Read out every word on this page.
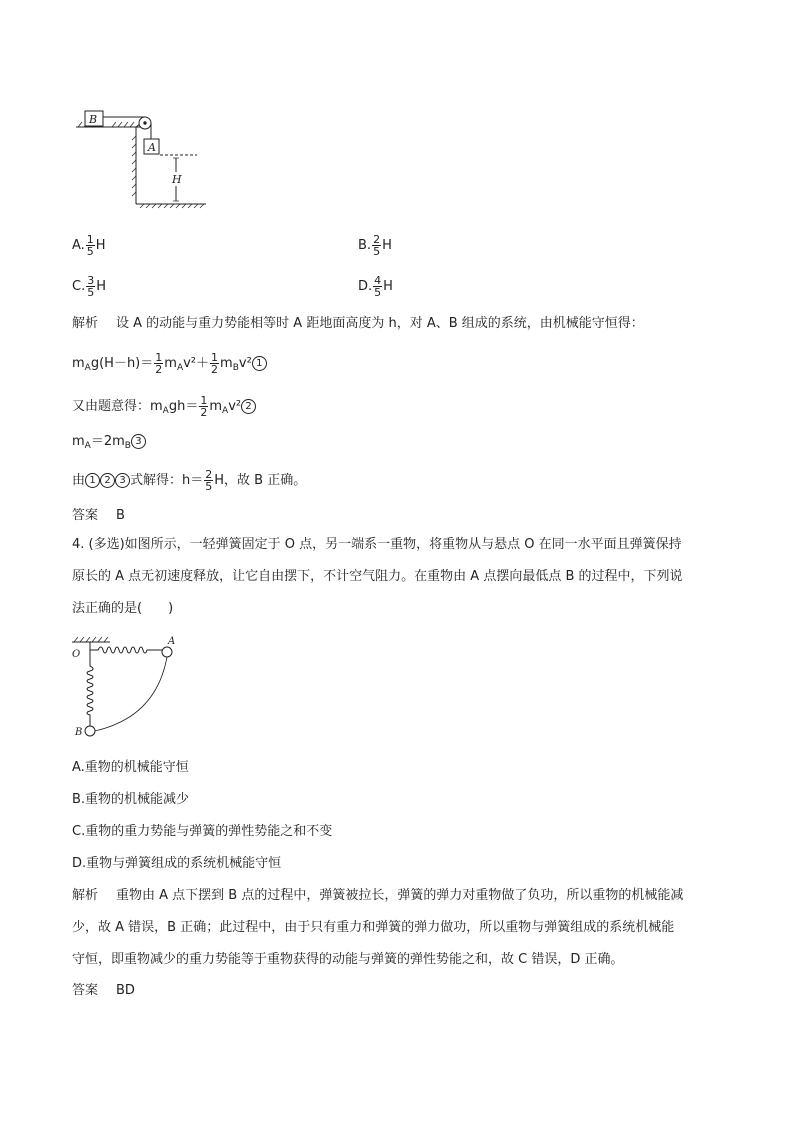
B
A
H
A. $\frac{1}{5}$ H	B. $\frac{2}{5}$ H
C. $\frac{3}{5}$ H	D. $\frac{4}{5}$ H
解析 设 A 的动能与重力势能相等时 A 距地面高度为 h，对 A、B 组成的系统，由机械能守恒得：
$m_Ag(H-h)= \frac{1}{2} m_Av^2+ \frac{1}{2} m_Bv^2$ 1
又由题意得：$m_Agh= \frac{1}{2} m_Av^2$ 2
$m_A=2m_B$ 3
由 1 2 3 式解得：$h= \frac{2}{5}$ H，故 B 正确。
答案 B
4. (多选)如图所示，一轻弹簧固定于 O 点，另一端系一重物，将重物从与悬点 O 在同一水平面且弹簧保持
原长的 A 点无初速度释放，让它自由摆下，不计空气阻力。在重物由 A 点摆向最低点 B 的过程中，下列说
法正确的是(　　)
O
A
B
A.重物的机械能守恒
B.重物的机械能减少
C.重物的重力势能与弹簧的弹性势能之和不变
D.重物与弹簧组成的系统机械能守恒
解析 重物由 A 点下摆到 B 点的过程中，弹簧被拉长，弹簧的弹力对重物做了负功，所以重物的机械能减
少，故 A 错误，B 正确；此过程中，由于只有重力和弹簧的弹力做功，所以重物与弹簧组成的系统机械能
守恒，即重物减少的重力势能等于重物获得的动能与弹簧的弹性势能之和，故 C 错误，D 正确。
答案 BD
